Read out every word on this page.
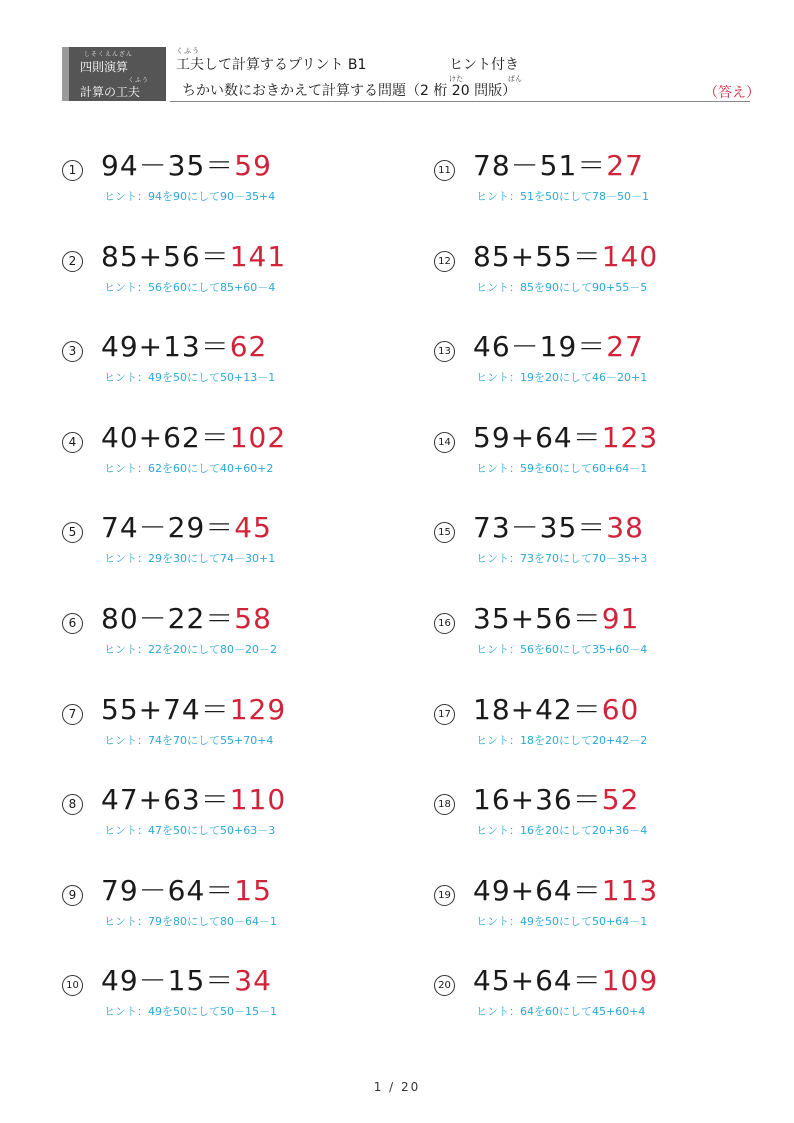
しそくえんざん
四則演算
くふう
計算の工夫
くふう
工夫して計算するプリント B1	ヒント付き
けた	ばん
ちかい数におきかえて計算する問題（2 桁 20 問版）	（答え）
1 94－35＝59
ヒント：94を90にして90－35+4
2 85+56＝141
ヒント：56を60にして85+60－4
3 49+13＝62
ヒント：49を50にして50+13－1
4 40+62＝102
ヒント：62を60にして40+60+2
5 74－29＝45
ヒント：29を30にして74－30+1
6 80－22＝58
ヒント：22を20にして80－20－2
7 55+74＝129
ヒント：74を70にして55+70+4
8 47+63＝110
ヒント：47を50にして50+63－3
9 79－64＝15
ヒント：79を80にして80－64－1
10 49－15＝34
ヒント：49を50にして50－15－1
11 78－51＝27
ヒント：51を50にして78－50－1
12 85+55＝140
ヒント：85を90にして90+55－5
13 46－19＝27
ヒント：19を20にして46－20+1
14 59+64＝123
ヒント：59を60にして60+64－1
15 73－35＝38
ヒント：73を70にして70－35+3
16 35+56＝91
ヒント：56を60にして35+60－4
17 18+42＝60
ヒント：18を20にして20+42－2
18 16+36＝52
ヒント：16を20にして20+36－4
19 49+64＝113
ヒント：49を50にして50+64－1
20 45+64＝109
ヒント：64を60にして45+60+4
1 / 20
